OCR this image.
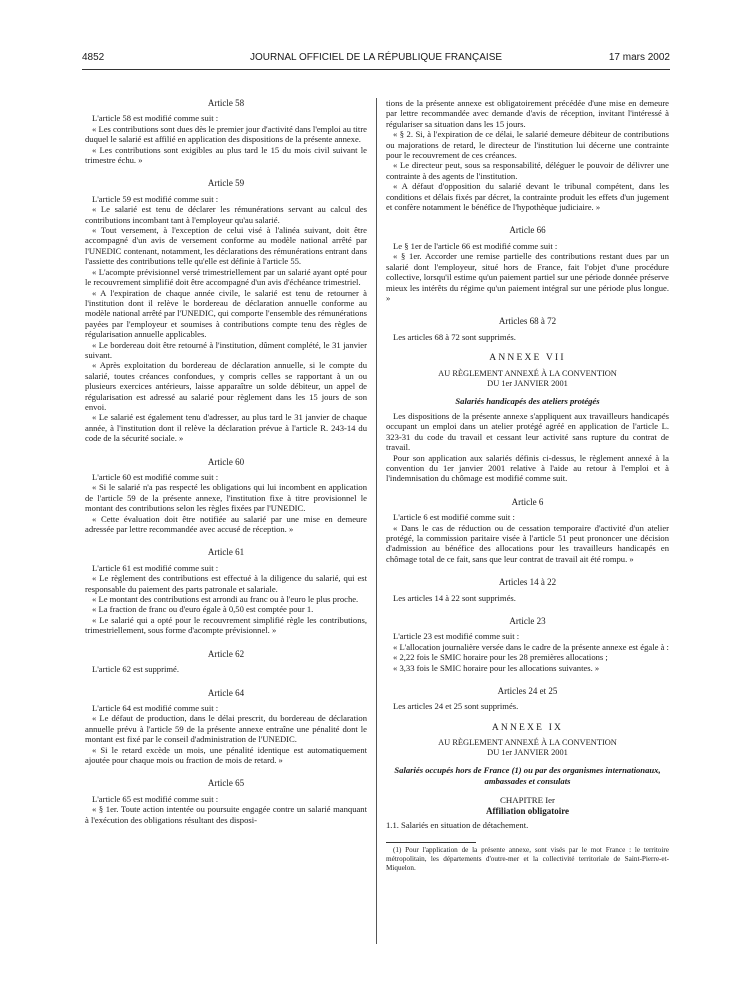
4852	JOURNAL OFFICIEL DE LA RÉPUBLIQUE FRANÇAISE	17 mars 2002

Article 58

L'article 58 est modifié comme suit :

« Les contributions sont dues dès le premier jour d'activité dans l'emploi au titre duquel le salarié est affilié en application des dispositions de la présente annexe.

« Les contributions sont exigibles au plus tard le 15 du mois civil suivant le trimestre échu. »

Article 59

L'article 59 est modifié comme suit :

« Le salarié est tenu de déclarer les rémunérations servant au calcul des contributions incombant tant à l'employeur qu'au salarié.

« Tout versement, à l'exception de celui visé à l'alinéa suivant, doit être accompagné d'un avis de versement conforme au modèle national arrêté par l'UNEDIC contenant, notamment, les déclarations des rémunérations entrant dans l'assiette des contributions telle qu'elle est définie à l'article 55.

« L'acompte prévisionnel versé trimestriellement par un salarié ayant opté pour le recouvrement simplifié doit être accompagné d'un avis d'échéance trimestriel.

« A l'expiration de chaque année civile, le salarié est tenu de retourner à l'institution dont il relève le bordereau de déclaration annuelle conforme au modèle national arrêté par l'UNEDIC, qui comporte l'ensemble des rémunérations payées par l'employeur et soumises à contributions compte tenu des règles de régularisation annuelle applicables.

« Le bordereau doit être retourné à l'institution, dûment complété, le 31 janvier suivant.

« Après exploitation du bordereau de déclaration annuelle, si le compte du salarié, toutes créances confondues, y compris celles se rapportant à un ou plusieurs exercices antérieurs, laisse apparaître un solde débiteur, un appel de régularisation est adressé au salarié pour règlement dans les 15 jours de son envoi.

« Le salarié est également tenu d'adresser, au plus tard le 31 janvier de chaque année, à l'institution dont il relève la déclaration prévue à l'article R. 243-14 du code de la sécurité sociale. »

Article 60

L'article 60 est modifié comme suit :

« Si le salarié n'a pas respecté les obligations qui lui incombent en application de l'article 59 de la présente annexe, l'institution fixe à titre provisionnel le montant des contributions selon les règles fixées par l'UNEDIC.

« Cette évaluation doit être notifiée au salarié par une mise en demeure adressée par lettre recommandée avec accusé de réception. »

Article 61

L'article 61 est modifié comme suit :

« Le règlement des contributions est effectué à la diligence du salarié, qui est responsable du paiement des parts patronale et salariale.

« Le montant des contributions est arrondi au franc ou à l'euro le plus proche.

« La fraction de franc ou d'euro égale à 0,50 est comptée pour 1.

« Le salarié qui a opté pour le recouvrement simplifié règle les contributions, trimestriellement, sous forme d'acompte prévisionnel. »

Article 62

L'article 62 est supprimé.

Article 64

L'article 64 est modifié comme suit :

« Le défaut de production, dans le délai prescrit, du bordereau de déclaration annuelle prévu à l'article 59 de la présente annexe entraîne une pénalité dont le montant est fixé par le conseil d'administration de l'UNEDIC.

« Si le retard excède un mois, une pénalité identique est automatiquement ajoutée pour chaque mois ou fraction de mois de retard. »

Article 65

L'article 65 est modifié comme suit :

« § 1er. Toute action intentée ou poursuite engagée contre un salarié manquant à l'exécution des obligations résultant des disposi-

tions de la présente annexe est obligatoirement précédée d'une mise en demeure par lettre recommandée avec demande d'avis de réception, invitant l'intéressé à régulariser sa situation dans les 15 jours.

« § 2. Si, à l'expiration de ce délai, le salarié demeure débiteur de contributions ou majorations de retard, le directeur de l'institution lui décerne une contrainte pour le recouvrement de ces créances.

« Le directeur peut, sous sa responsabilité, déléguer le pouvoir de délivrer une contrainte à des agents de l'institution.

« A défaut d'opposition du salarié devant le tribunal compétent, dans les conditions et délais fixés par décret, la contrainte produit les effets d'un jugement et confère notamment le bénéfice de l'hypothèque judiciaire. »

Article 66

Le § 1er de l'article 66 est modifié comme suit :

« § 1er. Accorder une remise partielle des contributions restant dues par un salarié dont l'employeur, situé hors de France, fait l'objet d'une procédure collective, lorsqu'il estime qu'un paiement partiel sur une période donnée préserve mieux les intérêts du régime qu'un paiement intégral sur une période plus longue. »

Articles 68 à 72

Les articles 68 à 72 sont supprimés.

ANNEXE VII

AU RÈGLEMENT ANNEXÉ À LA CONVENTION

DU 1er JANVIER 2001

Salariés handicapés des ateliers protégés

Les dispositions de la présente annexe s'appliquent aux travailleurs handicapés occupant un emploi dans un atelier protégé agréé en application de l'article L. 323-31 du code du travail et cessant leur activité sans rupture du contrat de travail.

Pour son application aux salariés définis ci-dessus, le règlement annexé à la convention du 1er janvier 2001 relative à l'aide au retour à l'emploi et à l'indemnisation du chômage est modifié comme suit.

Article 6

L'article 6 est modifié comme suit :

« Dans le cas de réduction ou de cessation temporaire d'activité d'un atelier protégé, la commission paritaire visée à l'article 51 peut prononcer une décision d'admission au bénéfice des allocations pour les travailleurs handicapés en chômage total de ce fait, sans que leur contrat de travail ait été rompu. »

Articles 14 à 22

Les articles 14 à 22 sont supprimés.

Article 23

L'article 23 est modifié comme suit :

« L'allocation journalière versée dans le cadre de la présente annexe est égale à :

« 2,22 fois le SMIC horaire pour les 28 premières allocations ;

« 3,33 fois le SMIC horaire pour les allocations suivantes. »

Articles 24 et 25

Les articles 24 et 25 sont supprimés.

ANNEXE IX

AU RÈGLEMENT ANNEXÉ À LA CONVENTION

DU 1er JANVIER 2001

Salariés occupés hors de France (1) ou par des organismes internationaux, ambassades et consulats

CHAPITRE Ier

Affiliation obligatoire

1.1. Salariés en situation de détachement.

(1) Pour l'application de la présente annexe, sont visés par le mot France : le territoire métropolitain, les départements d'outre-mer et la collectivité territoriale de Saint-Pierre-et-Miquelon.
